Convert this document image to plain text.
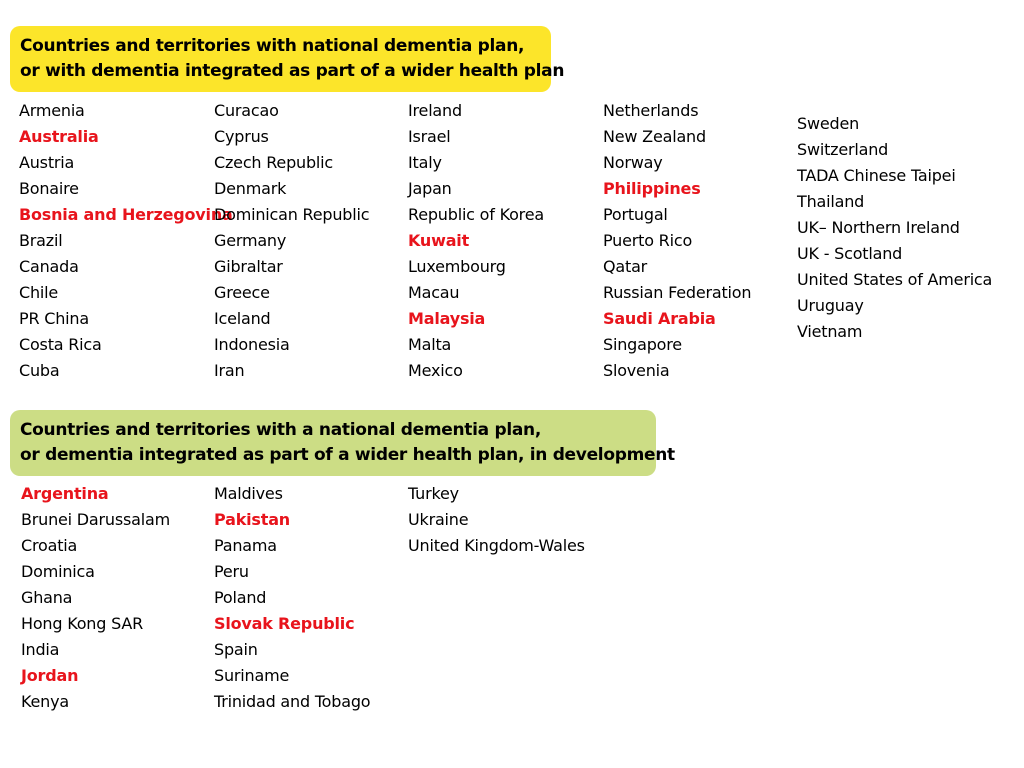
Countries and territories with national dementia plan,
or with dementia integrated as part of a wider health plan
Armenia
Australia
Austria
Bonaire
Bosnia and Herzegovina
Brazil
Canada
Chile
PR China
Costa Rica
Cuba
Curacao
Cyprus
Czech Republic
Denmark
Dominican Republic
Germany
Gibraltar
Greece
Iceland
Indonesia
Iran
Ireland
Israel
Italy
Japan
Republic of Korea
Kuwait
Luxembourg
Macau
Malaysia
Malta
Mexico
Netherlands
New Zealand
Norway
Philippines
Portugal
Puerto Rico
Qatar
Russian Federation
Saudi Arabia
Singapore
Slovenia
Sweden
Switzerland
TADA Chinese Taipei
Thailand
UK– Northern Ireland
UK - Scotland
United States of America
Uruguay
Vietnam
Countries and territories with a national dementia plan,
or dementia integrated as part of a wider health plan, in development
Argentina
Brunei Darussalam
Croatia
Dominica
Ghana
Hong Kong SAR
India
Jordan
Kenya
Maldives
Pakistan
Panama
Peru
Poland
Slovak Republic
Spain
Suriname
Trinidad and Tobago
Turkey
Ukraine
United Kingdom-Wales
